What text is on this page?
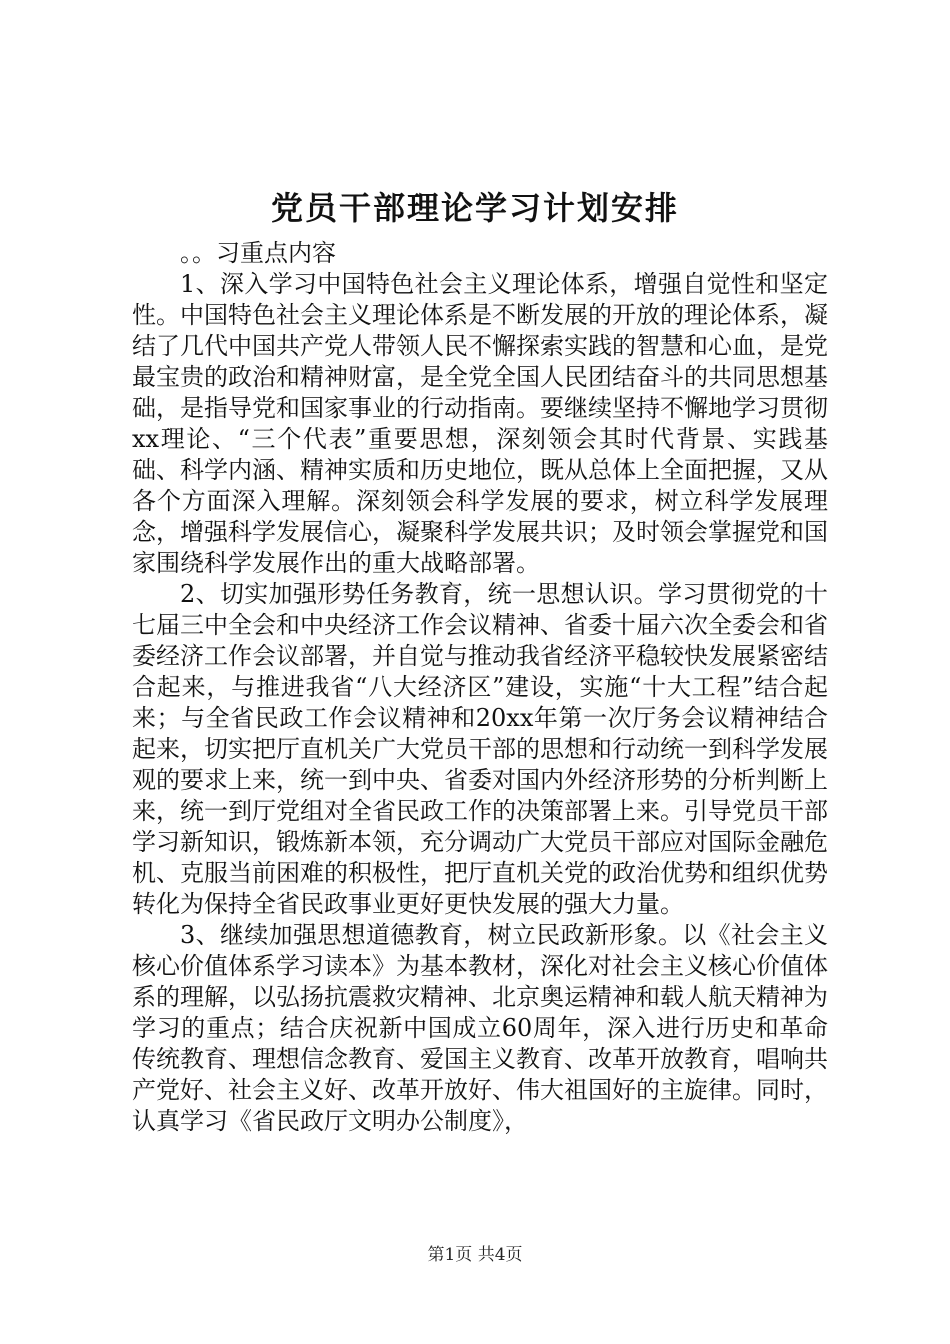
党员干部理论学习计划安排

。。习重点内容

1、深入学习中国特色社会主义理论体系，增强自觉性和坚定性。中国特色社会主义理论体系是不断发展的开放的理论体系，凝结了几代中国共产党人带领人民不懈探索实践的智慧和心血，是党最宝贵的政治和精神财富，是全党全国人民团结奋斗的共同思想基础，是指导党和国家事业的行动指南。要继续坚持不懈地学习贯彻xx理论、“三个代表”重要思想，深刻领会其时代背景、实践基础、科学内涵、精神实质和历史地位，既从总体上全面把握，又从各个方面深入理解。深刻领会科学发展的要求，树立科学发展理念，增强科学发展信心，凝聚科学发展共识；及时领会掌握党和国家围绕科学发展作出的重大战略部署。

2、切实加强形势任务教育，统一思想认识。学习贯彻党的十七届三中全会和中央经济工作会议精神、省委十届六次全委会和省委经济工作会议部署，并自觉与推动我省经济平稳较快发展紧密结合起来，与推进我省“八大经济区”建设，实施“十大工程”结合起来；与全省民政工作会议精神和20xx年第一次厅务会议精神结合起来，切实把厅直机关广大党员干部的思想和行动统一到科学发展观的要求上来，统一到中央、省委对国内外经济形势的分析判断上来，统一到厅党组对全省民政工作的决策部署上来。引导党员干部学习新知识，锻炼新本领，充分调动广大党员干部应对国际金融危机、克服当前困难的积极性，把厅直机关党的政治优势和组织优势转化为保持全省民政事业更好更快发展的强大力量。

3、继续加强思想道德教育，树立民政新形象。以《社会主义核心价值体系学习读本》为基本教材，深化对社会主义核心价值体系的理解，以弘扬抗震救灾精神、北京奥运精神和载人航天精神为学习的重点；结合庆祝新中国成立60周年，深入进行历史和革命传统教育、理想信念教育、爱国主义教育、改革开放教育，唱响共产党好、社会主义好、改革开放好、伟大祖国好的主旋律。同时，认真学习《省民政厅文明办公制度》，

第1页 共4页
